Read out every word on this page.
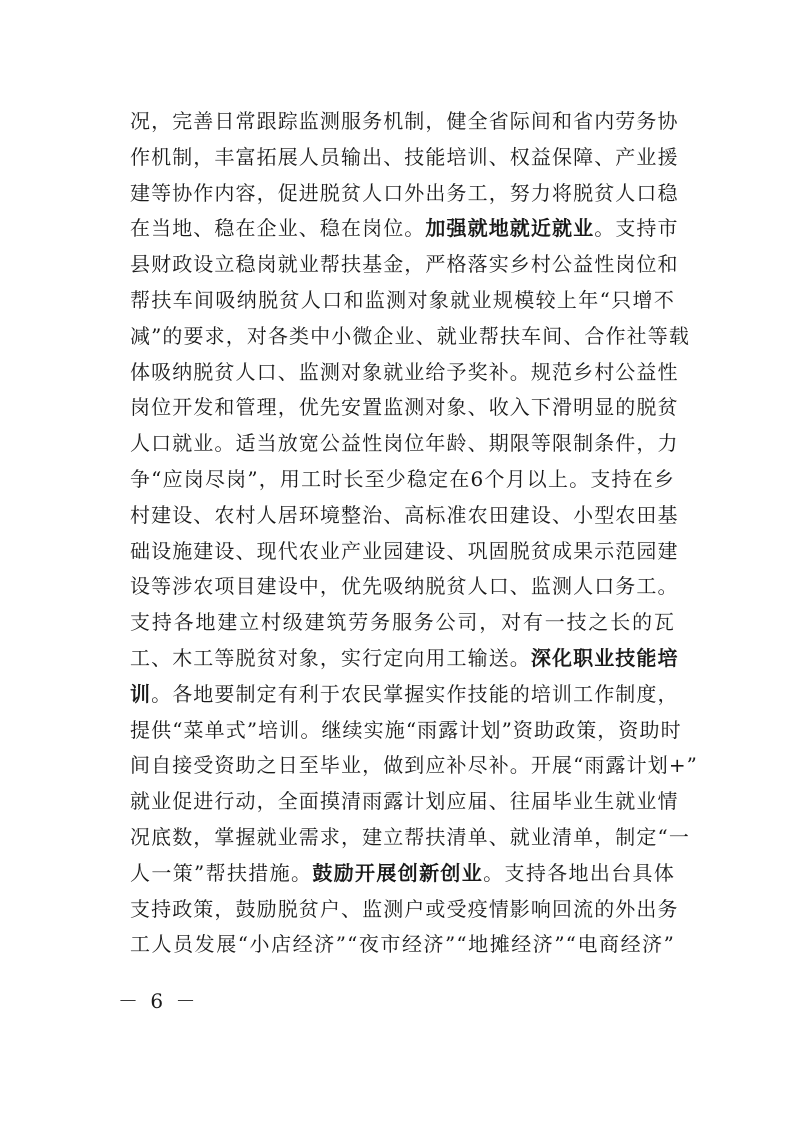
况，完善日常跟踪监测服务机制，健全省际间和省内劳务协
作机制，丰富拓展人员输出、技能培训、权益保障、产业援
建等协作内容，促进脱贫人口外出务工，努力将脱贫人口稳
在当地、稳在企业、稳在岗位。加强就地就近就业。支持市
县财政设立稳岗就业帮扶基金，严格落实乡村公益性岗位和
帮扶车间吸纳脱贫人口和监测对象就业规模较上年“只增不
减”的要求，对各类中小微企业、就业帮扶车间、合作社等载
体吸纳脱贫人口、监测对象就业给予奖补。规范乡村公益性
岗位开发和管理，优先安置监测对象、收入下滑明显的脱贫
人口就业。适当放宽公益性岗位年龄、期限等限制条件，力
争“应岗尽岗”，用工时长至少稳定在6个月以上。支持在乡
村建设、农村人居环境整治、高标准农田建设、小型农田基
础设施建设、现代农业产业园建设、巩固脱贫成果示范园建
设等涉农项目建设中，优先吸纳脱贫人口、监测人口务工。
支持各地建立村级建筑劳务服务公司，对有一技之长的瓦
工、木工等脱贫对象，实行定向用工输送。深化职业技能培
训。各地要制定有利于农民掌握实作技能的培训工作制度，
提供“菜单式”培训。继续实施“雨露计划”资助政策，资助时
间自接受资助之日至毕业，做到应补尽补。开展“雨露计划+”
就业促进行动，全面摸清雨露计划应届、往届毕业生就业情
况底数，掌握就业需求，建立帮扶清单、就业清单，制定“一
人一策”帮扶措施。鼓励开展创新创业。支持各地出台具体
支持政策，鼓励脱贫户、监测户或受疫情影响回流的外出务
工人员发展“小店经济”“夜市经济”“地摊经济”“电商经济”
－ 6 －
